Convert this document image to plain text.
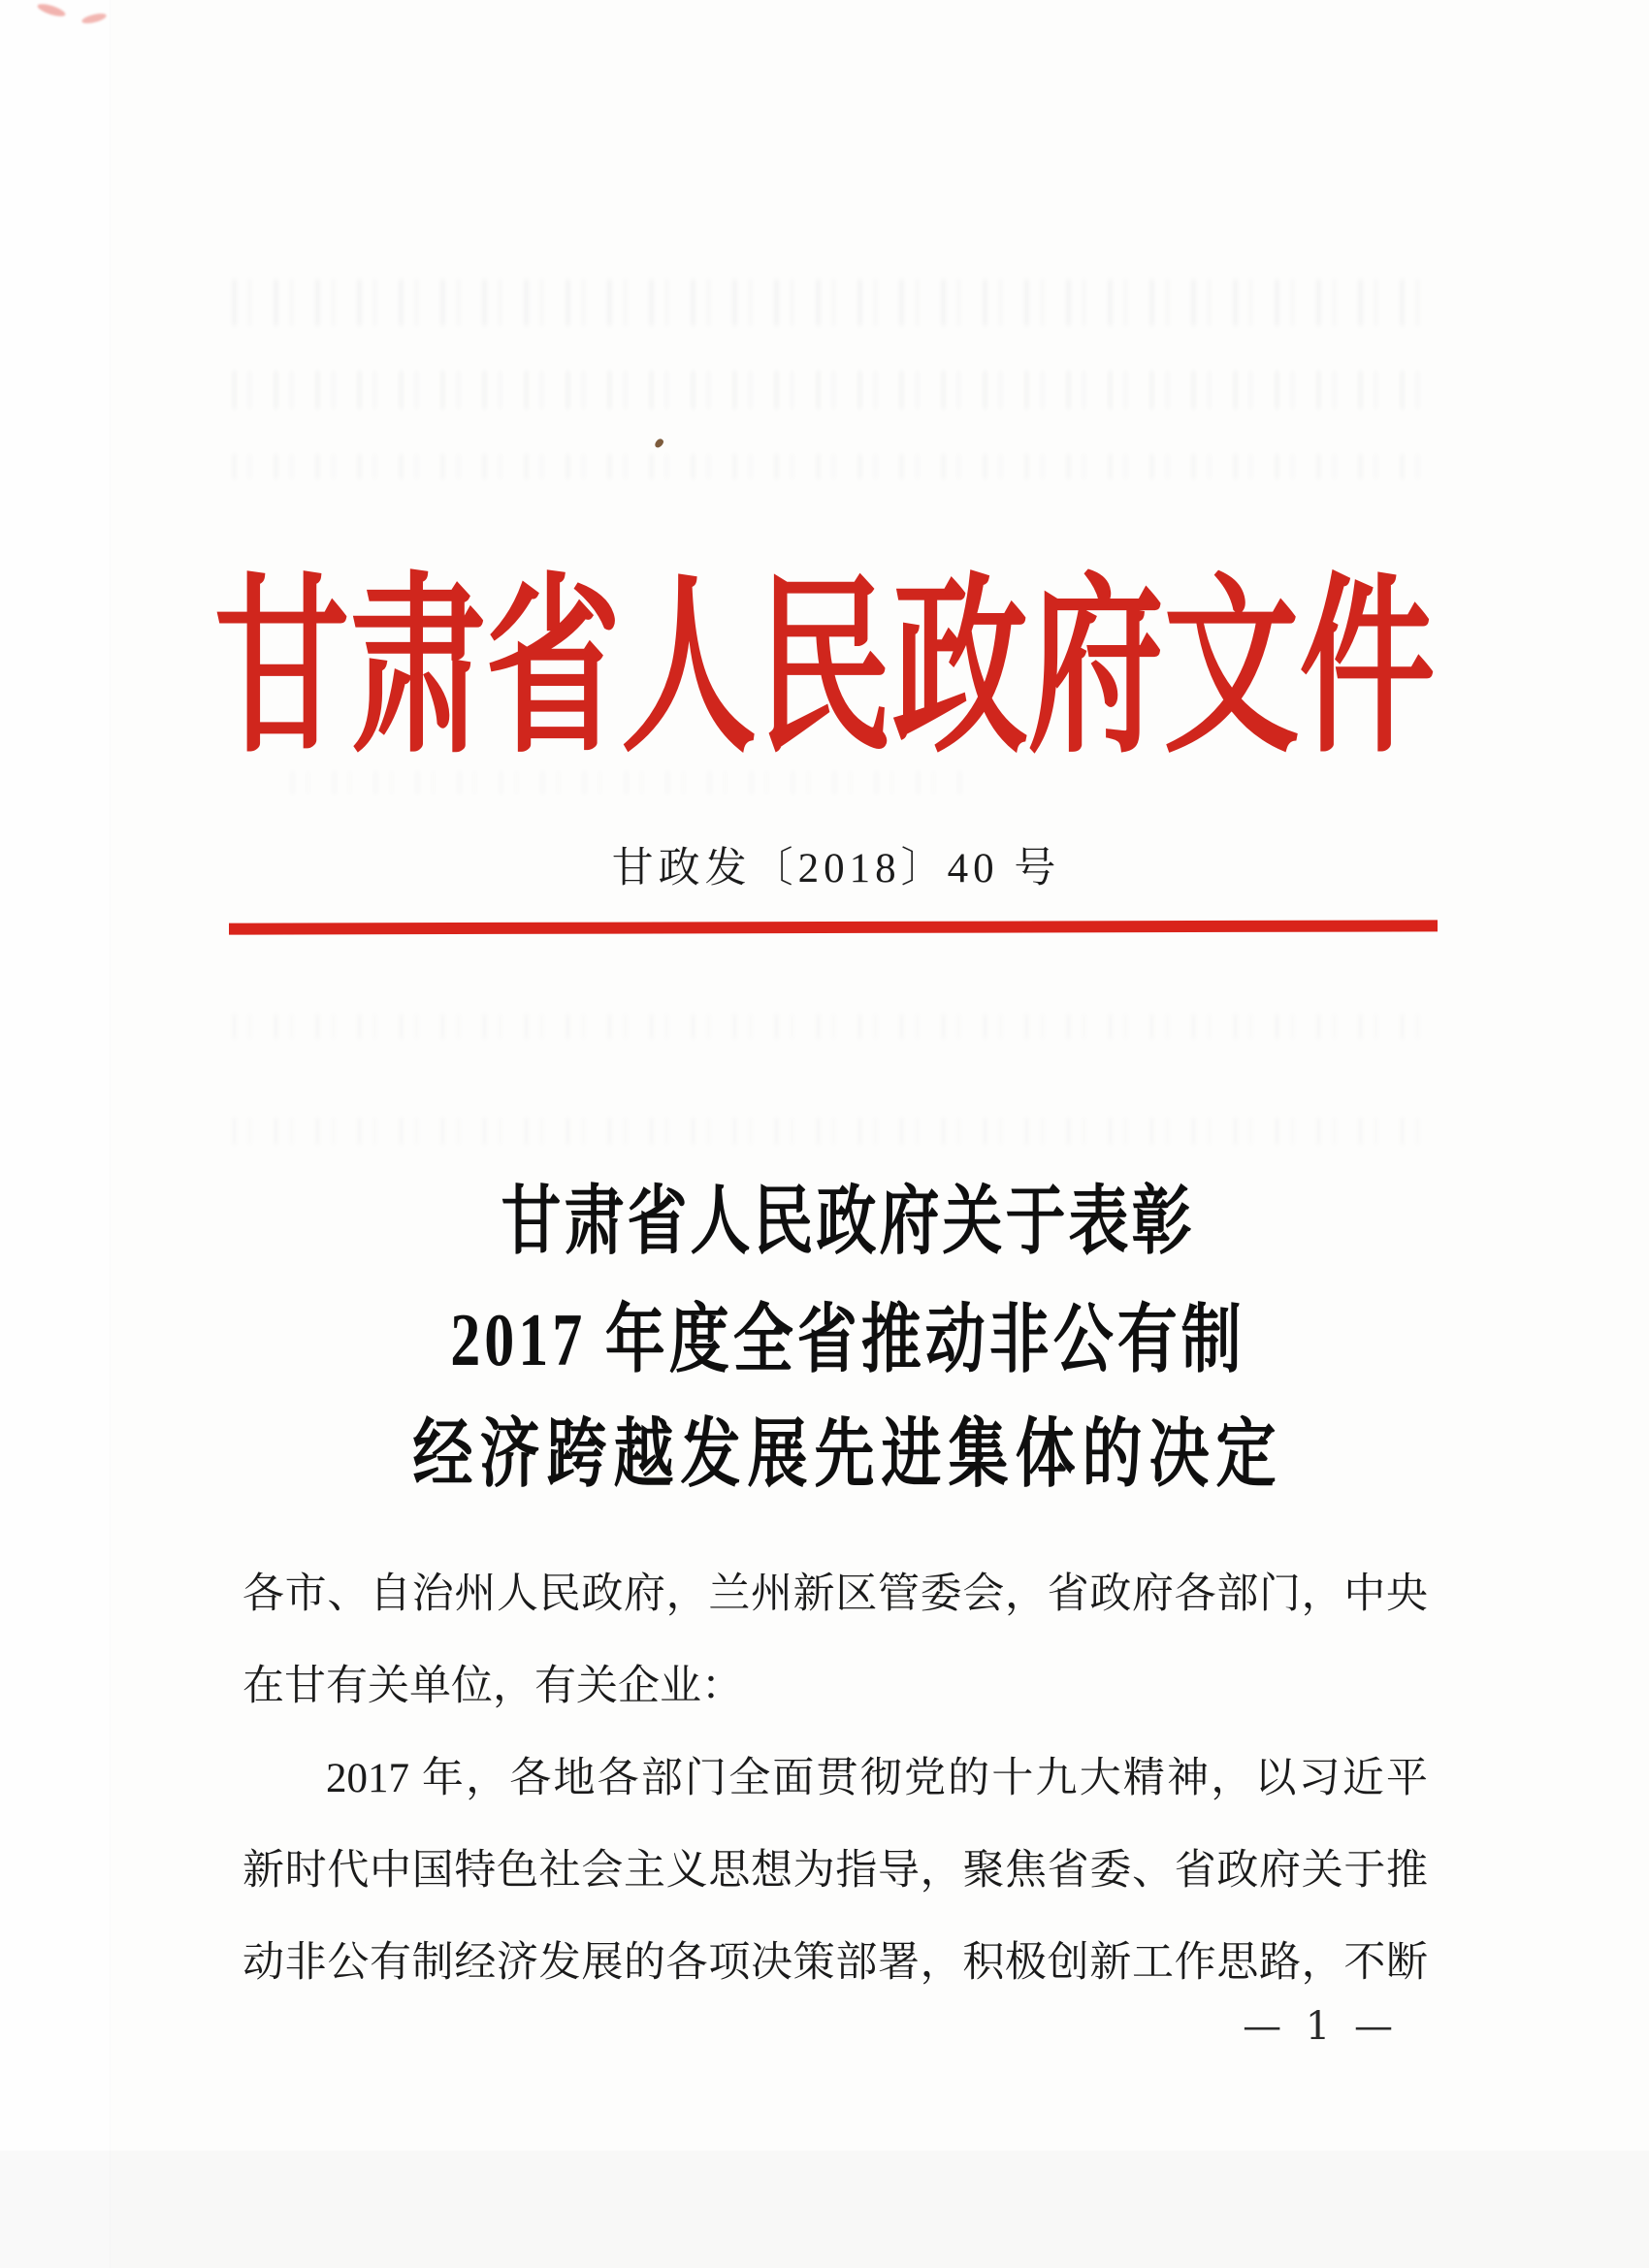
甘肃省人民政府文件
甘政发〔2018〕40 号
甘肃省人民政府关于表彰
2017 年度全省推动非公有制
经济跨越发展先进集体的决定
各市、自治州人民政府，兰州新区管委会，省政府各部门，中央
在甘有关单位，有关企业：
2017 年，各地各部门全面贯彻党的十九大精神，以习近平
新时代中国特色社会主义思想为指导，聚焦省委、省政府关于推
动非公有制经济发展的各项决策部署，积极创新工作思路，不断
— 1 —
